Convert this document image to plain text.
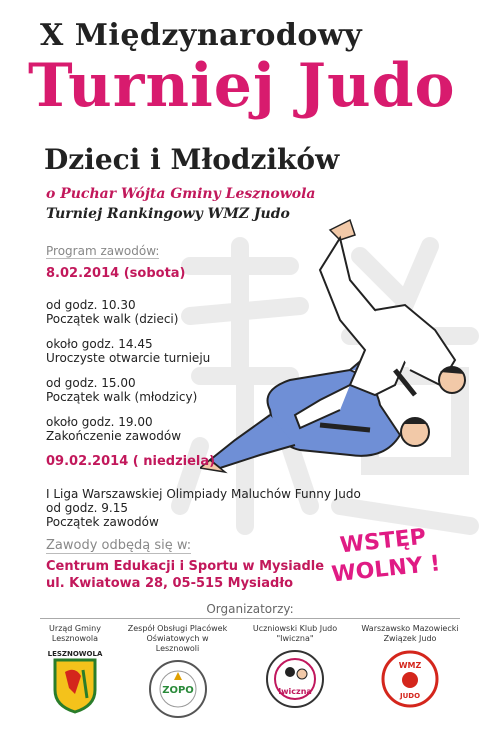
X Międzynarodowy
Turniej Judo
Dzieci i Młodzików
o Puchar Wójta Gminy Lesznowola
Turniej Rankingowy WMZ Judo
Program zawodów:
8.02.2014 (sobota)
od godz. 10.30
Początek walk (dzieci)
około godz. 14.45
Uroczyste otwarcie turnieju
od godz. 15.00
Początek walk (młodzicy)
około godz. 19.00
Zakończenie zawodów
09.02.2014 ( niedziela)
I Liga Warszawskiej Olimpiady Maluchów Funny Judo
od godz. 9.15
Początek zawodów
Zawody odbędą się w:
Centrum Edukacji i Sportu w Mysiadle
ul. Kwiatowa 28, 05-515 Mysiadło
WSTĘP
WOLNY !
Organizatorzy:
Urząd Gminy
Lesznowola
LESZNOWOLA
Zespół Obsługi Placówek
Oświatowych w Lesznowoli
ZOPO
Uczniowski Klub Judo
"Iwiczna"
Iwiczna
Warszawsko Mazowiecki
Związek Judo
WMZ
JUDO
